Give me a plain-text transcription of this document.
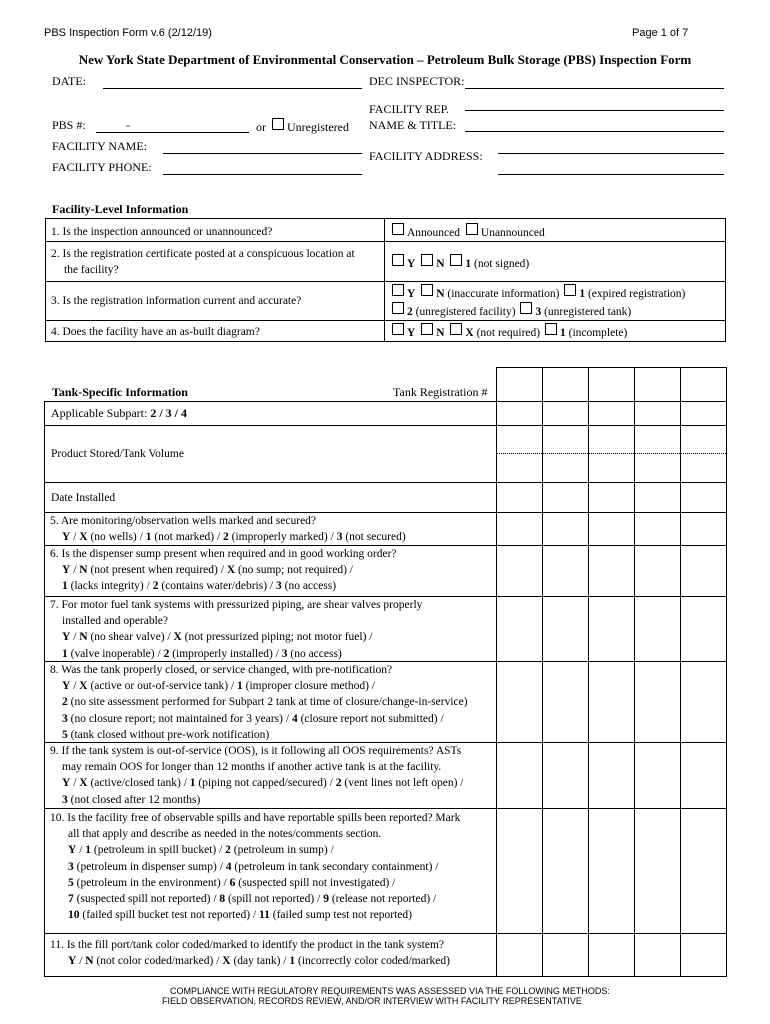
PBS Inspection Form v.6 (2/12/19)	Page 1 of 7
New York State Department of Environmental Conservation – Petroleum Bulk Storage (PBS) Inspection Form
DATE:	DEC INSPECTOR:
FACILITY REP.
NAME & TITLE:
PBS #:	-	or Unregistered
FACILITY NAME:
FACILITY ADDRESS:
FACILITY PHONE:
Facility-Level Information
1. Is the inspection announced or unannounced?	Announced Unannounced
2. Is the registration certificate posted at a conspicuous location at
the facility?	Y N 1 (not signed)
3. Is the registration information current and accurate?
Y N (inaccurate information) 1 (expired registration)
2 (unregistered facility) 3 (unregistered tank)
4. Does the facility have an as-built diagram?	Y N X (not required) 1 (incomplete)
Tank-Specific Information	Tank Registration #
Applicable Subpart: 2 / 3 / 4
Product Stored/Tank Volume
Date Installed
5. Are monitoring/observation wells marked and secured?
Y / X (no wells) / 1 (not marked) / 2 (improperly marked) / 3 (not secured)
6. Is the dispenser sump present when required and in good working order?
Y / N (not present when required) / X (no sump; not required) /
1 (lacks integrity) / 2 (contains water/debris) / 3 (no access)
7. For motor fuel tank systems with pressurized piping, are shear valves properly
installed and operable?
Y / N (no shear valve) / X (not pressurized piping; not motor fuel) /
1 (valve inoperable) / 2 (improperly installed) / 3 (no access)
8. Was the tank properly closed, or service changed, with pre-notification?
Y / X (active or out-of-service tank) / 1 (improper closure method) /
2 (no site assessment performed for Subpart 2 tank at time of closure/change-in-service)
3 (no closure report; not maintained for 3 years) / 4 (closure report not submitted) /
5 (tank closed without pre-work notification)
9. If the tank system is out-of-service (OOS), is it following all OOS requirements? ASTs
may remain OOS for longer than 12 months if another active tank is at the facility.
Y / X (active/closed tank) / 1 (piping not capped/secured) / 2 (vent lines not left open) /
3 (not closed after 12 months)
10. Is the facility free of observable spills and have reportable spills been reported? Mark
all that apply and describe as needed in the notes/comments section.
Y / 1 (petroleum in spill bucket) / 2 (petroleum in sump) /
3 (petroleum in dispenser sump) / 4 (petroleum in tank secondary containment) /
5 (petroleum in the environment) / 6 (suspected spill not investigated) /
7 (suspected spill not reported) / 8 (spill not reported) / 9 (release not reported) /
10 (failed spill bucket test not reported) / 11 (failed sump test not reported)
11. Is the fill port/tank color coded/marked to identify the product in the tank system?
Y / N (not color coded/marked) / X (day tank) / 1 (incorrectly color coded/marked)
COMPLIANCE WITH REGULATORY REQUIREMENTS WAS ASSESSED VIA THE FOLLOWING METHODS:
FIELD OBSERVATION, RECORDS REVIEW, AND/OR INTERVIEW WITH FACILITY REPRESENTATIVE
